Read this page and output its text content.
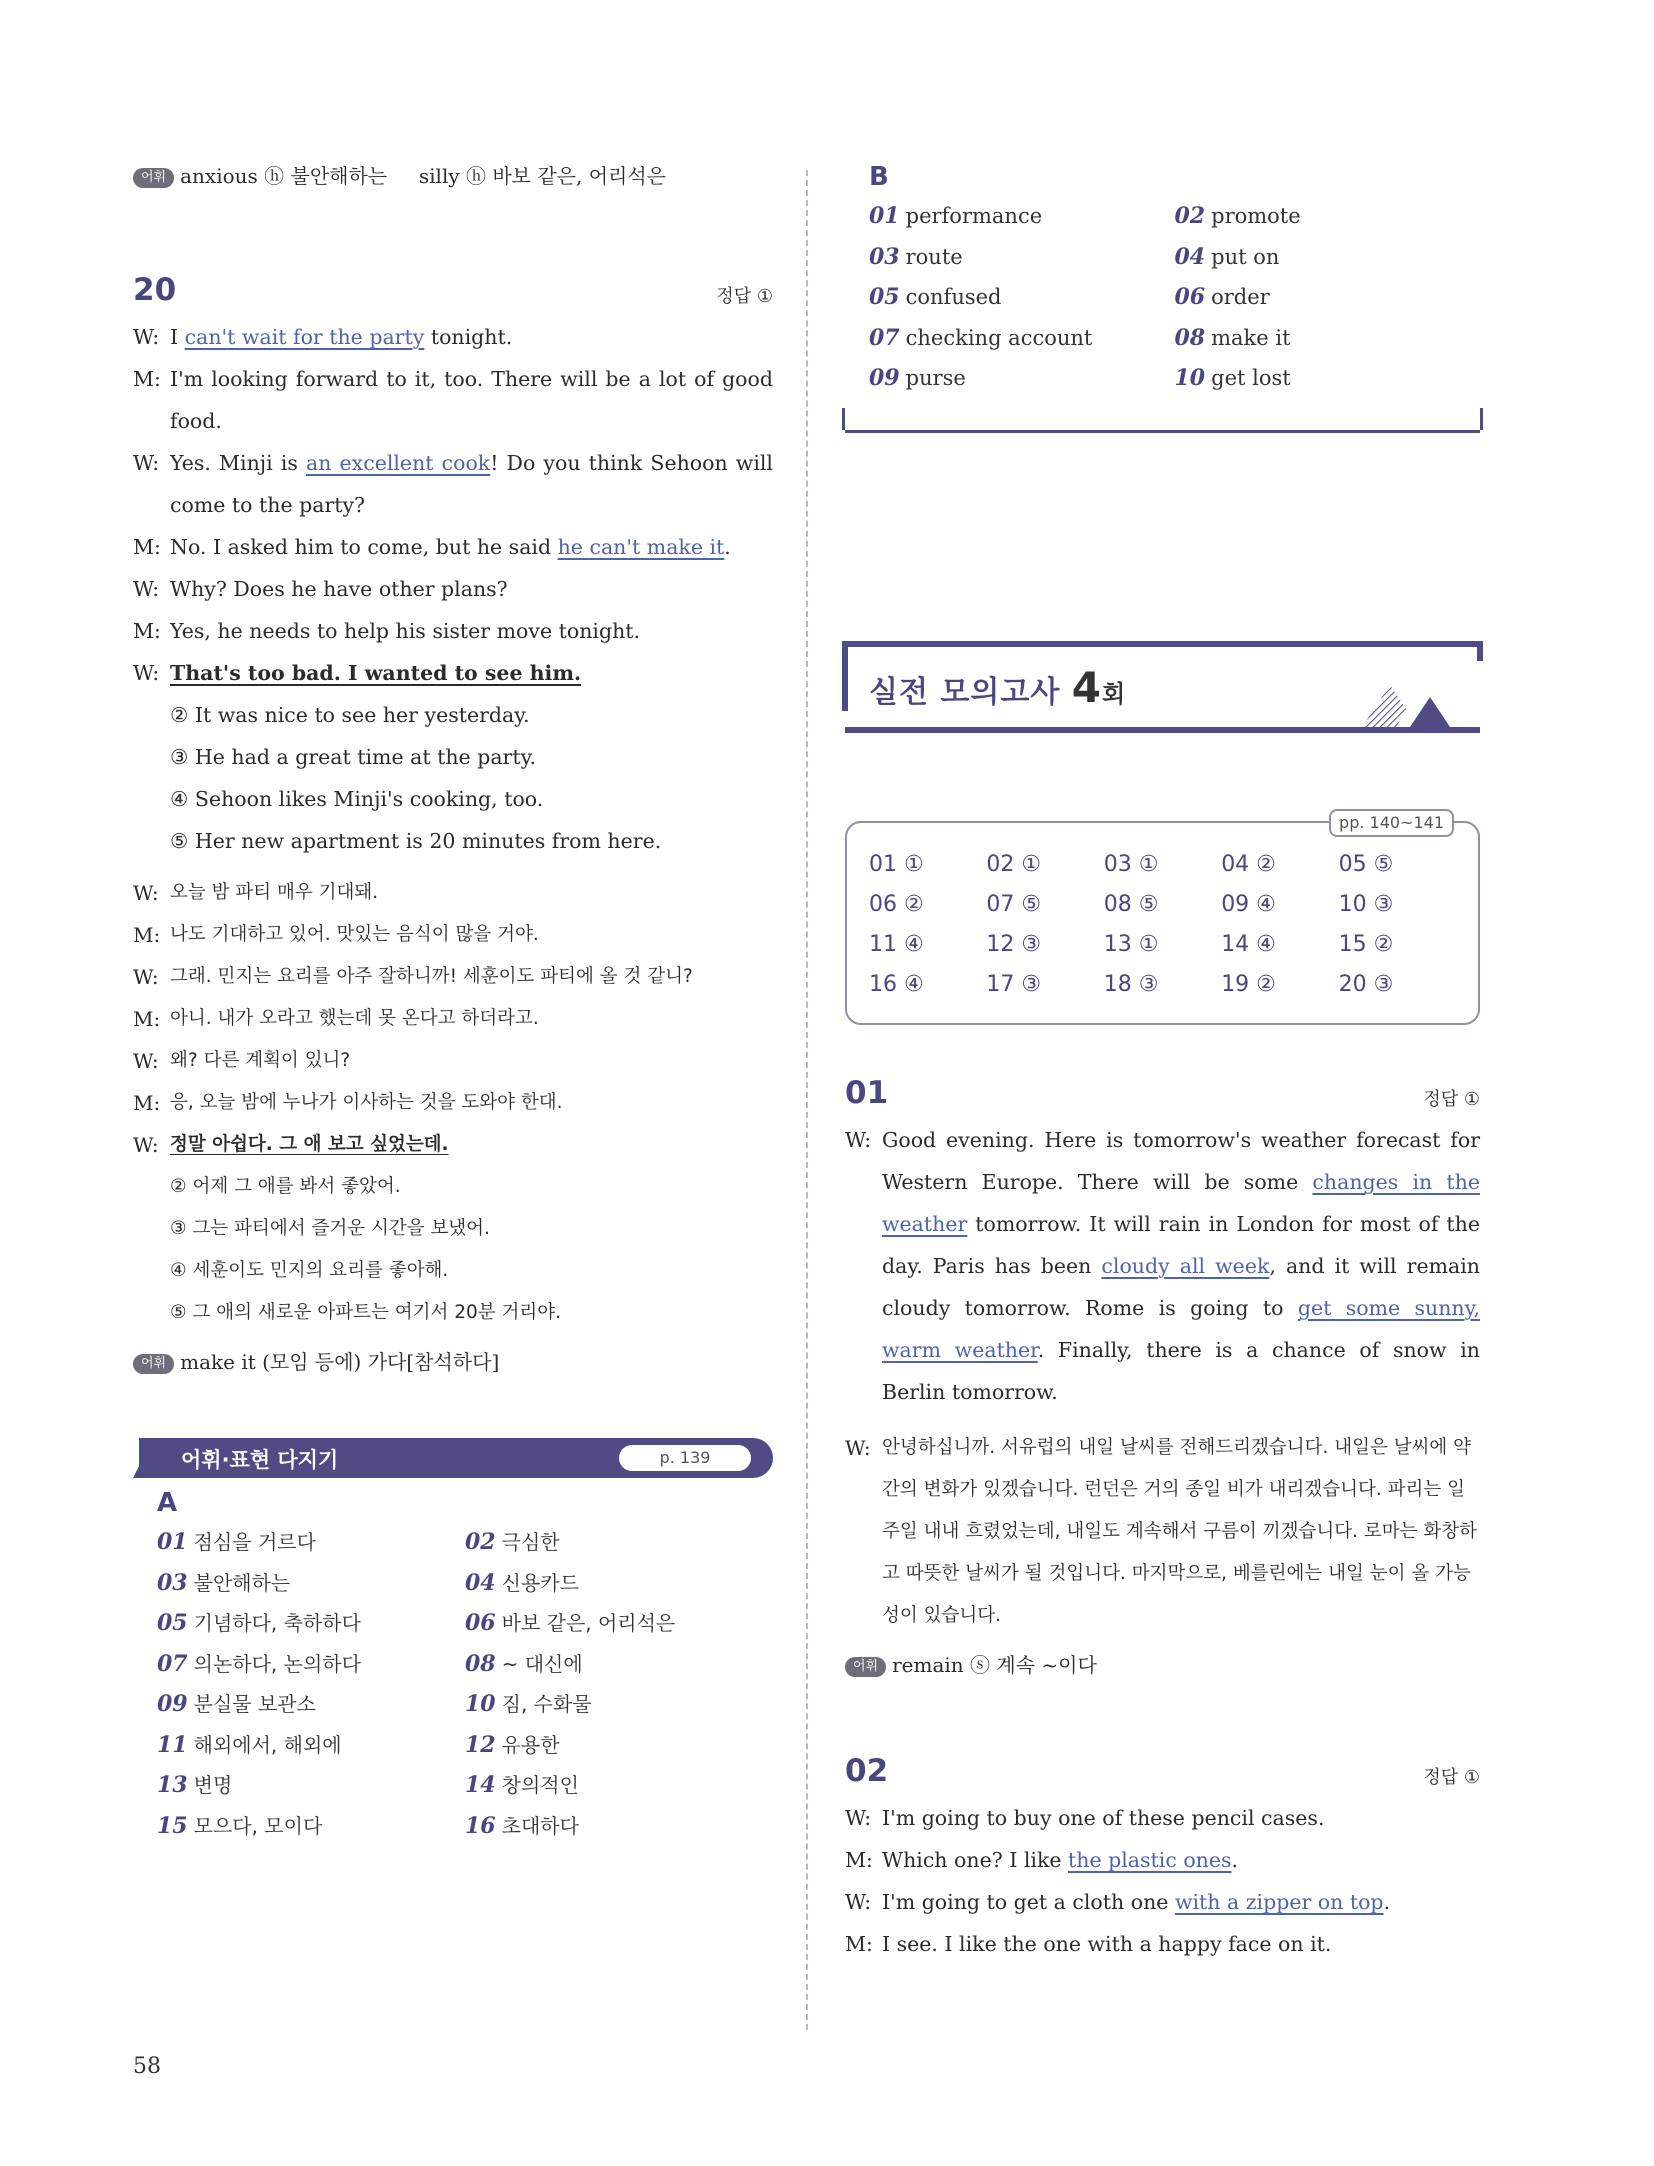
어휘 anxious ⓗ 불안해하는     silly ⓗ 바보 같은, 어리석은
20	정답 ①
W: I can't wait for the party tonight.
M: I'm looking forward to it, too. There will be a lot of good food.
W: Yes. Minji is an excellent cook! Do you think Sehoon will come to the party?
M: No. I asked him to come, but he said he can't make it.
W: Why? Does he have other plans?
M: Yes, he needs to help his sister move tonight.
W: That's too bad. I wanted to see him.
② It was nice to see her yesterday.
③ He had a great time at the party.
④ Sehoon likes Minji's cooking, too.
⑤ Her new apartment is 20 minutes from here.
W: 오늘 밤 파티 매우 기대돼.
M: 나도 기대하고 있어. 맛있는 음식이 많을 거야.
W: 그래. 민지는 요리를 아주 잘하니까! 세훈이도 파티에 올 것 같니?
M: 아니. 내가 오라고 했는데 못 온다고 하더라고.
W: 왜? 다른 계획이 있니?
M: 응, 오늘 밤에 누나가 이사하는 것을 도와야 한대.
W: 정말 아쉽다. 그 애 보고 싶었는데.
② 어제 그 애를 봐서 좋았어.
③ 그는 파티에서 즐거운 시간을 보냈어.
④ 세훈이도 민지의 요리를 좋아해.
⑤ 그 애의 새로운 아파트는 여기서 20분 거리야.
어휘 make it (모임 등에) 가다[참석하다]
어휘·표현 다지기	p. 139
A
01 점심을 거르다	02 극심한
03 불안해하는	04 신용카드
05 기념하다, 축하하다	06 바보 같은, 어리석은
07 의논하다, 논의하다	08 ~ 대신에
09 분실물 보관소	10 짐, 수화물
11 해외에서, 해외에	12 유용한
13 변명	14 창의적인
15 모으다, 모이다	16 초대하다
B
01 performance	02 promote
03 route	04 put on
05 confused	06 order
07 checking account	08 make it
09 purse	10 get lost
실전 모의고사 4회
pp. 140~141
01 ①	02 ①	03 ①	04 ②	05 ⑤
06 ②	07 ⑤	08 ⑤	09 ④	10 ③
11 ④	12 ③	13 ①	14 ④	15 ②
16 ④	17 ③	18 ③	19 ②	20 ③
01	정답 ①
W: Good evening. Here is tomorrow's weather forecast for Western Europe. There will be some changes in the weather tomorrow. It will rain in London for most of the day. Paris has been cloudy all week, and it will remain cloudy tomorrow. Rome is going to get some sunny, warm weather. Finally, there is a chance of snow in Berlin tomorrow.
W: 안녕하십니까. 서유럽의 내일 날씨를 전해드리겠습니다. 내일은 날씨에 약간의 변화가 있겠습니다. 런던은 거의 종일 비가 내리겠습니다. 파리는 일주일 내내 흐렸었는데, 내일도 계속해서 구름이 끼겠습니다. 로마는 화창하고 따뜻한 날씨가 될 것입니다. 마지막으로, 베를린에는 내일 눈이 올 가능성이 있습니다.
어휘 remain ⓢ 계속 ~이다
02	정답 ①
W: I'm going to buy one of these pencil cases.
M: Which one? I like the plastic ones.
W: I'm going to get a cloth one with a zipper on top.
M: I see. I like the one with a happy face on it.
58
